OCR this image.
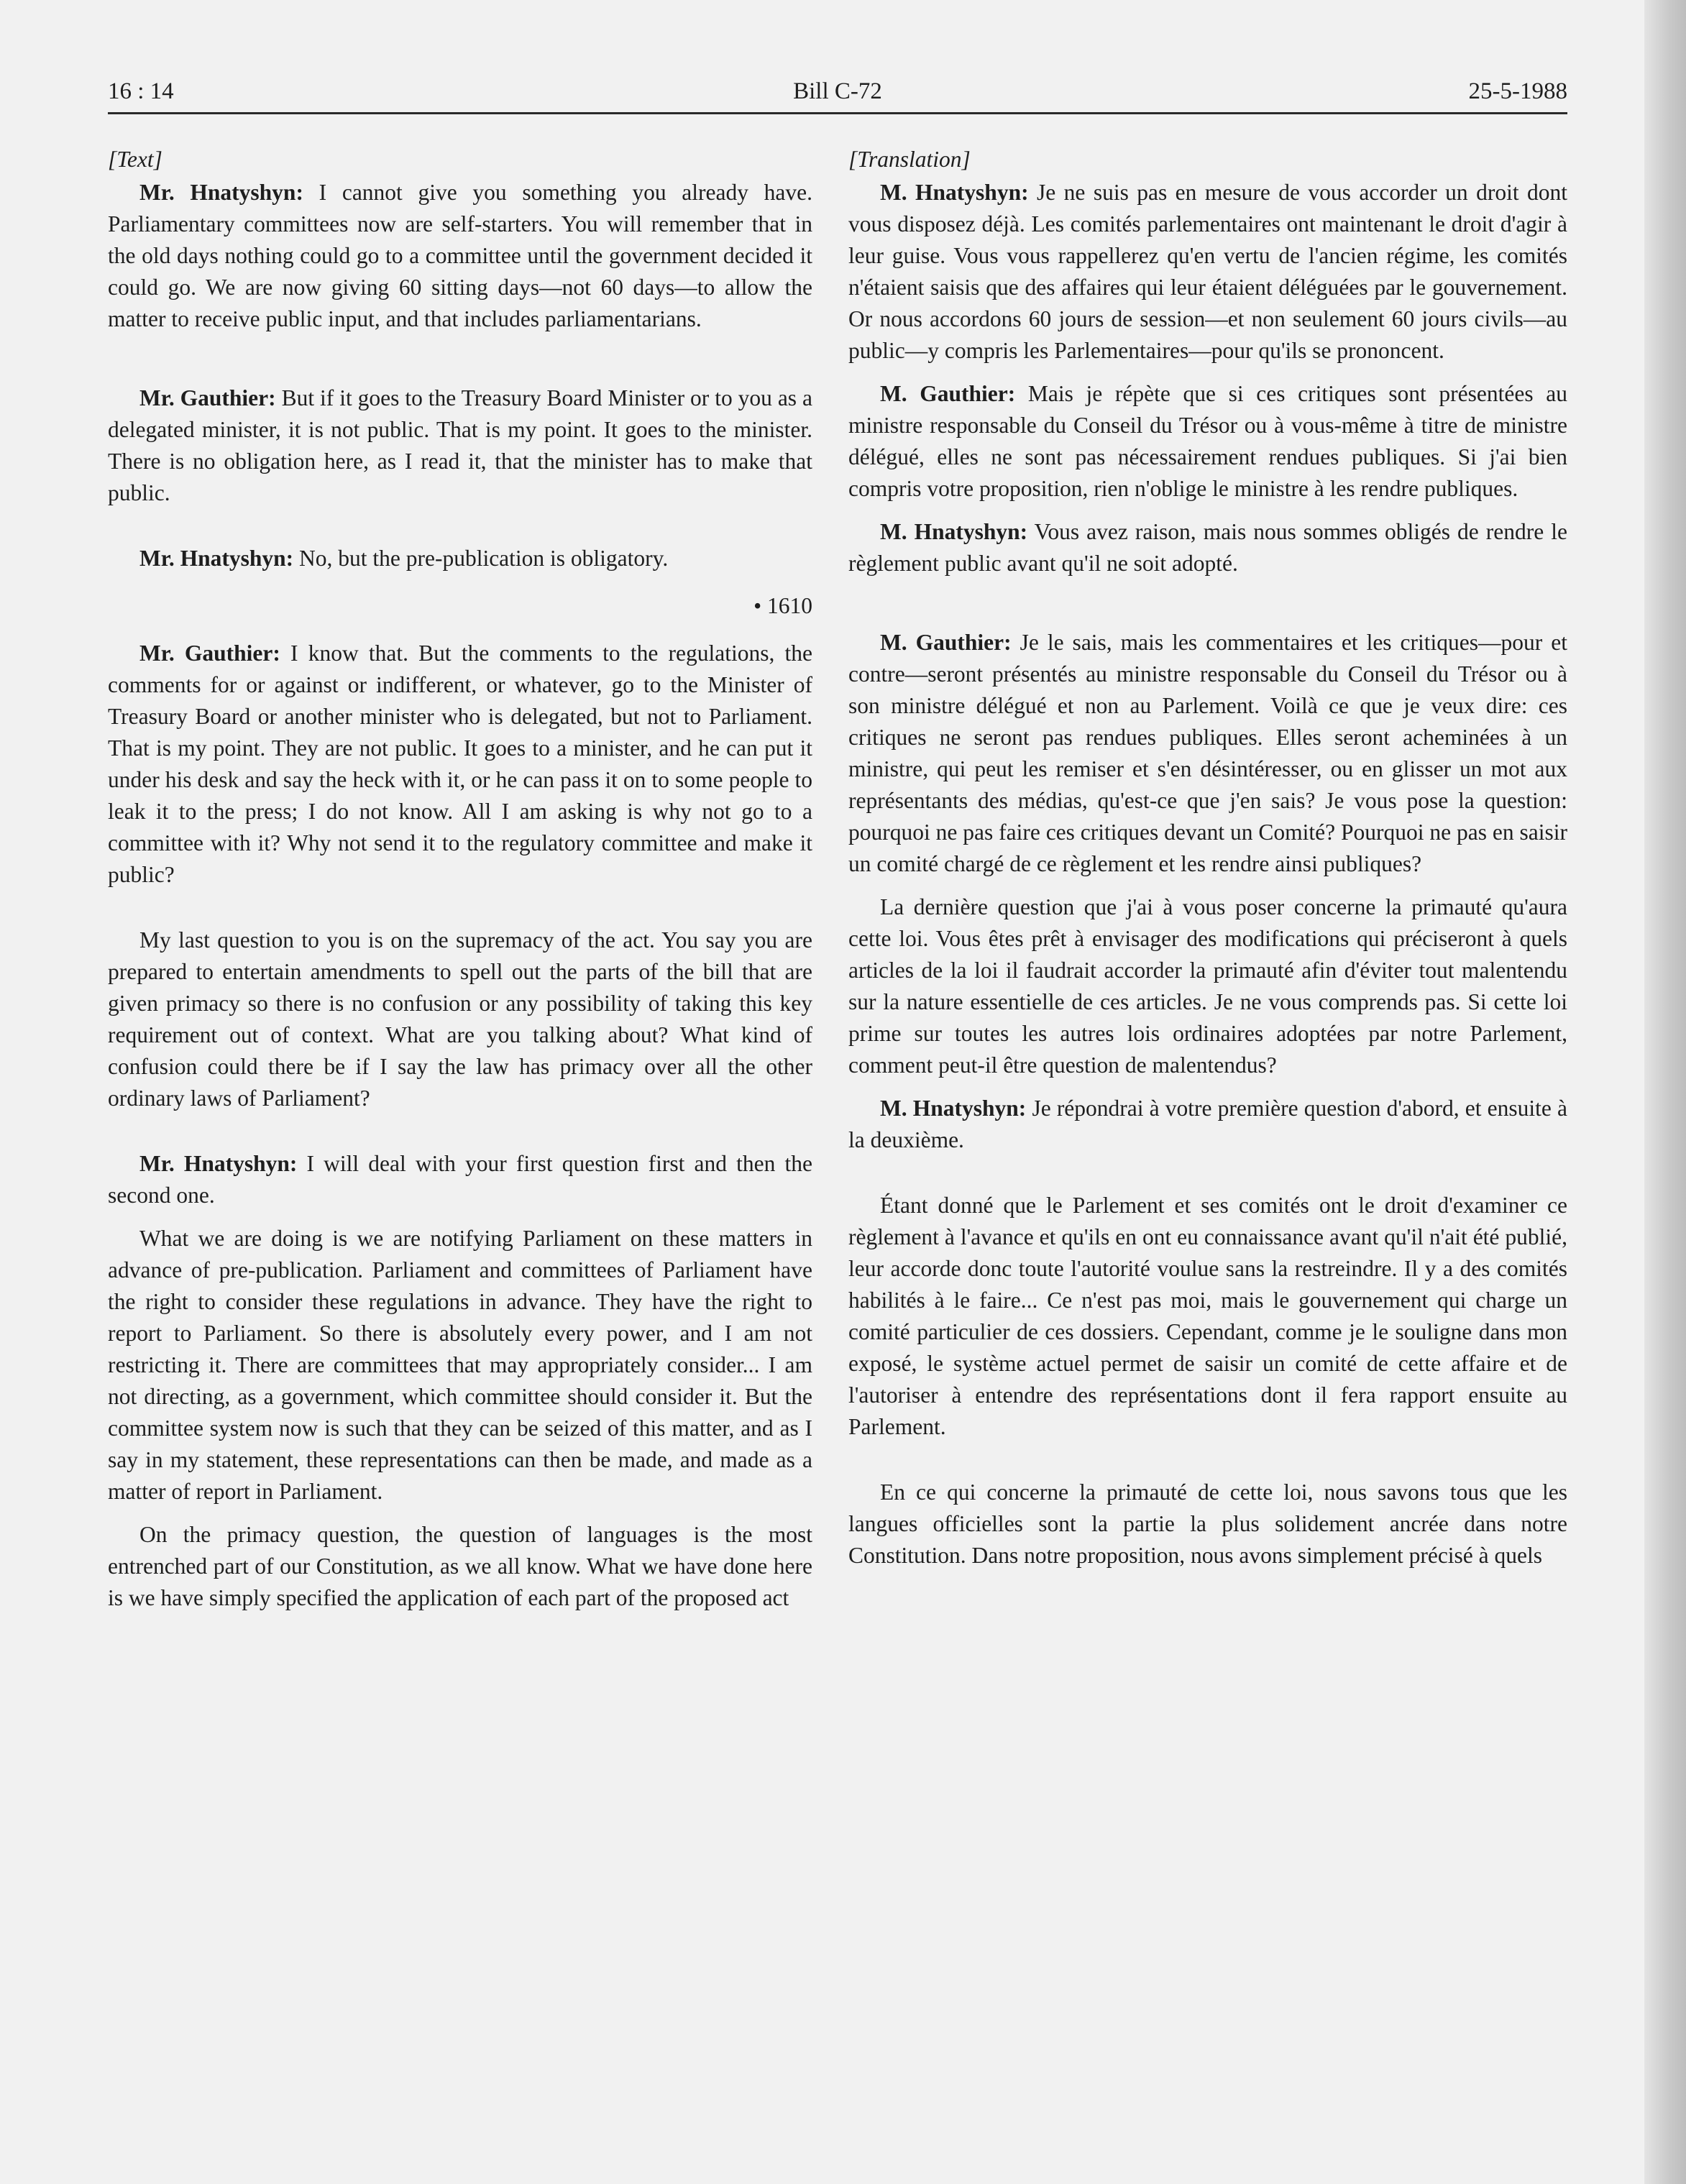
16 : 14	Bill C-72	25-5-1988
[Text]

Mr. Hnatyshyn: I cannot give you something you already have. Parliamentary committees now are self-starters. You will remember that in the old days nothing could go to a committee until the government decided it could go. We are now giving 60 sitting days—not 60 days—to allow the matter to receive public input, and that includes parliamentarians.

Mr. Gauthier: But if it goes to the Treasury Board Minister or to you as a delegated minister, it is not public. That is my point. It goes to the minister. There is no obligation here, as I read it, that the minister has to make that public.

Mr. Hnatyshyn: No, but the pre-publication is obligatory.

• 1610

Mr. Gauthier: I know that. But the comments to the regulations, the comments for or against or indifferent, or whatever, go to the Minister of Treasury Board or another minister who is delegated, but not to Parliament. That is my point. They are not public. It goes to a minister, and he can put it under his desk and say the heck with it, or he can pass it on to some people to leak it to the press; I do not know. All I am asking is why not go to a committee with it? Why not send it to the regulatory committee and make it public?

My last question to you is on the supremacy of the act. You say you are prepared to entertain amendments to spell out the parts of the bill that are given primacy so there is no confusion or any possibility of taking this key requirement out of context. What are you talking about? What kind of confusion could there be if I say the law has primacy over all the other ordinary laws of Parliament?

Mr. Hnatyshyn: I will deal with your first question first and then the second one.

What we are doing is we are notifying Parliament on these matters in advance of pre-publication. Parliament and committees of Parliament have the right to consider these regulations in advance. They have the right to report to Parliament. So there is absolutely every power, and I am not restricting it. There are committees that may appropriately consider... I am not directing, as a government, which committee should consider it. But the committee system now is such that they can be seized of this matter, and as I say in my statement, these representations can then be made, and made as a matter of report in Parliament.

On the primacy question, the question of languages is the most entrenched part of our Constitution, as we all know. What we have done here is we have simply specified the application of each part of the proposed act

[Translation]

M. Hnatyshyn: Je ne suis pas en mesure de vous accorder un droit dont vous disposez déjà. Les comités parlementaires ont maintenant le droit d'agir à leur guise. Vous vous rappellerez qu'en vertu de l'ancien régime, les comités n'étaient saisis que des affaires qui leur étaient déléguées par le gouvernement. Or nous accordons 60 jours de session—et non seulement 60 jours civils—au public—y compris les Parlementaires—pour qu'ils se prononcent.

M. Gauthier: Mais je répète que si ces critiques sont présentées au ministre responsable du Conseil du Trésor ou à vous-même à titre de ministre délégué, elles ne sont pas nécessairement rendues publiques. Si j'ai bien compris votre proposition, rien n'oblige le ministre à les rendre publiques.

M. Hnatyshyn: Vous avez raison, mais nous sommes obligés de rendre le règlement public avant qu'il ne soit adopté.

M. Gauthier: Je le sais, mais les commentaires et les critiques—pour et contre—seront présentés au ministre responsable du Conseil du Trésor ou à son ministre délégué et non au Parlement. Voilà ce que je veux dire: ces critiques ne seront pas rendues publiques. Elles seront acheminées à un ministre, qui peut les remiser et s'en désintéresser, ou en glisser un mot aux représentants des médias, qu'est-ce que j'en sais? Je vous pose la question: pourquoi ne pas faire ces critiques devant un Comité? Pourquoi ne pas en saisir un comité chargé de ce règlement et les rendre ainsi publiques?

La dernière question que j'ai à vous poser concerne la primauté qu'aura cette loi. Vous êtes prêt à envisager des modifications qui préciseront à quels articles de la loi il faudrait accorder la primauté afin d'éviter tout malentendu sur la nature essentielle de ces articles. Je ne vous comprends pas. Si cette loi prime sur toutes les autres lois ordinaires adoptées par notre Parlement, comment peut-il être question de malentendus?

M. Hnatyshyn: Je répondrai à votre première question d'abord, et ensuite à la deuxième.

Étant donné que le Parlement et ses comités ont le droit d'examiner ce règlement à l'avance et qu'ils en ont eu connaissance avant qu'il n'ait été publié, leur accorde donc toute l'autorité voulue sans la restreindre. Il y a des comités habilités à le faire... Ce n'est pas moi, mais le gouvernement qui charge un comité particulier de ces dossiers. Cependant, comme je le souligne dans mon exposé, le système actuel permet de saisir un comité de cette affaire et de l'autoriser à entendre des représentations dont il fera rapport ensuite au Parlement.

En ce qui concerne la primauté de cette loi, nous savons tous que les langues officielles sont la partie la plus solidement ancrée dans notre Constitution. Dans notre proposition, nous avons simplement précisé à quels
